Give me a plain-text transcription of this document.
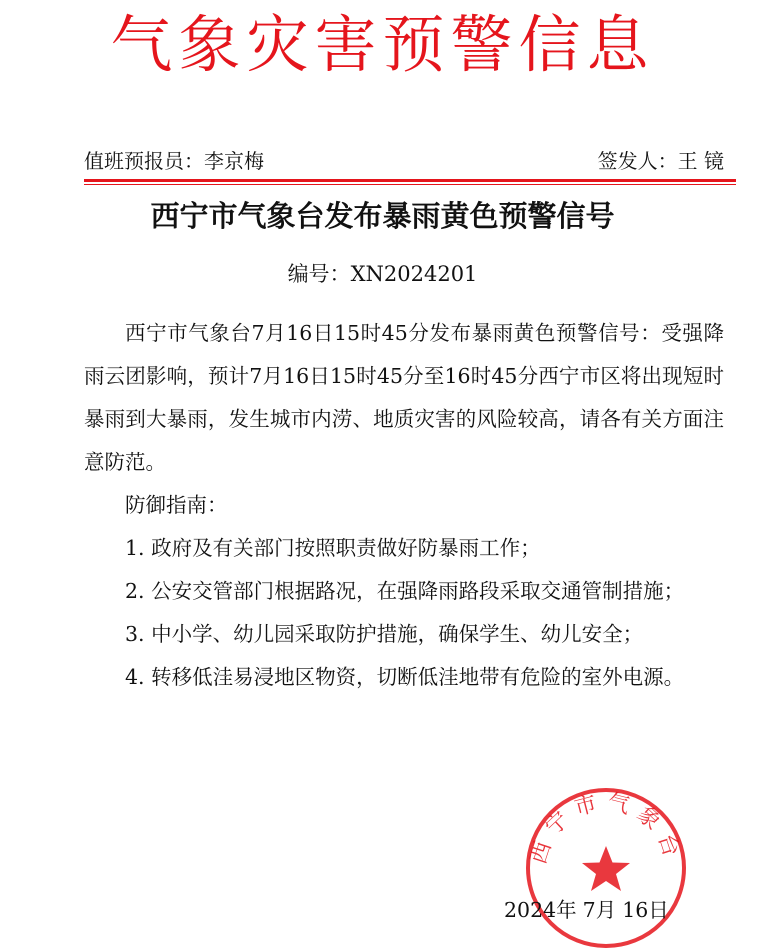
气象灾害预警信息
值班预报员：李京梅	签发人：王 镜
西宁市气象台发布暴雨黄色预警信号
编号：XN2024201

西宁市气象台7月16日15时45分发布暴雨黄色预警信号：受强降雨云团影响，预计7月16日15时45分至16时45分西宁市区将出现短时暴雨到大暴雨，发生城市内涝、地质灾害的风险较高，请各有关方面注意防范。

防御指南：

1. 政府及有关部门按照职责做好防暴雨工作；

2. 公安交管部门根据路况，在强降雨路段采取交通管制措施；

3. 中小学、幼儿园采取防护措施，确保学生、幼儿安全；

4. 转移低洼易浸地区物资，切断低洼地带有危险的室外电源。

西宁市气象台
2024年 7月 16日
